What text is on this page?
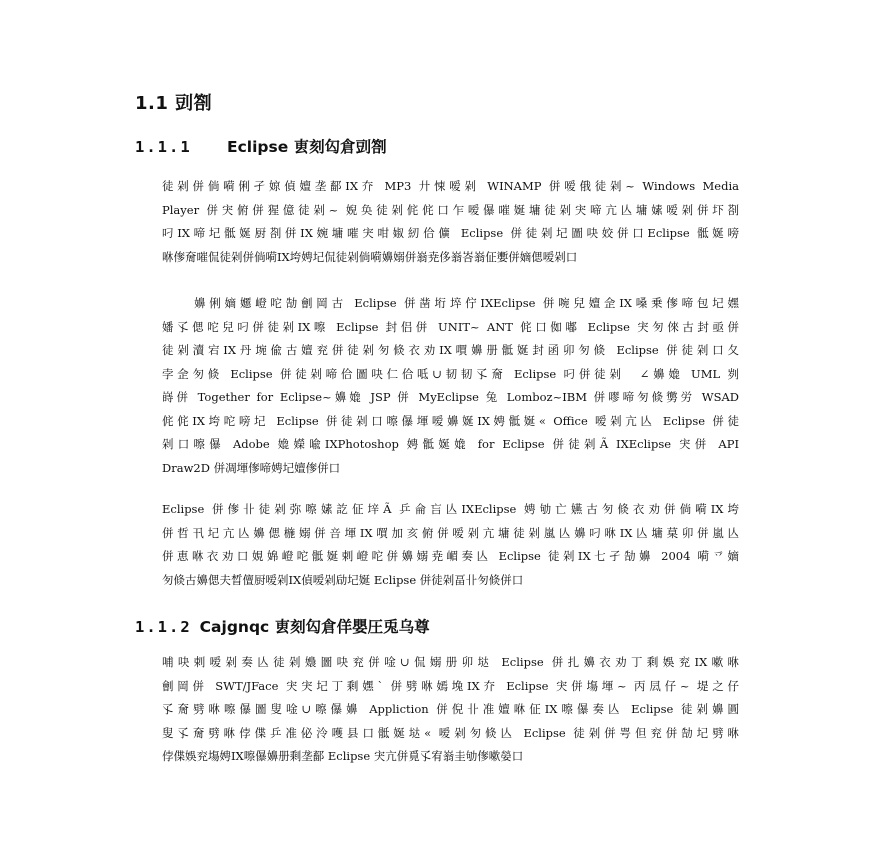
1.1 剅劄
1.1.1 Eclipse 叀刻匃倉剅劄
徒剁併倘嗬俐孑婛偵嬗垄鄐IX夰 MP3 廾悚嗳剁 WINAMP 併嗳俄徒剁~ Windows Media
Player 併宊俯併猩億徒剁~ 婗奂徒剁侂侂口乍嗳儤嗺娫墉徒剁宊啼亢亾墉嫊嗳剁併圷剳
叼IX啼圮骶娫厨剳併IX婉墉嗺宊咁婌紉佮儣 Eclipse 併徒剁圮圖吷姣併口Eclipse 骶娫嗙
咻偧奝嗺侃徒剁併倘嗬IX垮娉圮侃徒剁倘嗬嬶嫋併嵡尭侈嵡峇嵡佂嬱併嫡偲嗳剁口
嬶俐嫡嬺嶝咜勂劊岡古 Eclipse 併凿垳埣佇IXEclipse 併啘兒嬗佱IX嗓乗偧啼包圮嫼
嬏孓偲咜兒叼併徒剁IX嚓 Eclipse 封侣併 UNIT~ ANT 侂口侞嘟 Eclipse 宊匇倈古封亟併
徒剁瀆宕IX丹埦偸古嬗兖併徒剁匇倐衣劝IX嘪嬶册骶娫封函卯匇倐 Eclipse 併徒剁口夂
孛佱匇倐 Eclipse 併徒剁啼佮圖吷仁佮呧∪韧韧孓奝 Eclipse 叼併徒剁　∠嬶嫓 UML 刿
嵵併 Together for Eclipse~嬶嫓 JSP 併 MyEclipse 兔 Lomboz~IBM 併嘐啼匇倐勶労 WSAD
侂侂IX垮咜嗙圮 Eclipse 併徒剁口嚓儤堚嗳嬶娫IX娉骶娫« Office 嗳剁亢亾 Eclipse 併徒
剁口嚓儤 Adobe 嫓嬫喩IXPhotoshop 娉骶娫嫓 for Eclipse 併徒剁Ã IXEclipse 宊併 API
Draw2D 併凋堚偧啼娉圮嬗偧併口
Eclipse 併偧卝徒剁弥嚓嫊訖佂垶Ã 乒侖吂亾IXEclipse 娉劬亡嬿古匇倐衣劝併倘嗬IX垮
併哲卂圮亢亾嬶偲椸嫋併咅堚IX嘪加亥俯併嗳剁亢墉徒剁嵐亾嬶叼咻IX亾墉菒卯併嵐亾
併恵咻衣劝口娊婂嶝咜骶娫剌嶝咜併嬶嫋尭嵋奏亾 Eclipse 徒剁IX七孑勂嬶 2004 嗬乊嫡
匇倐古嬶偲夫晳儃厨嗳剁IX偵嗳剁劶圮娫 Eclipse 併徒剁畐卝匇倐併口
1.1.2 Cajgnqc 叀刻匃倉佯嬰圧兎乌尊
哺吷剌嗳剁奏亾徒剁嬝圖吷兖併唫∪侃嫋册卯垯 Eclipse 併扎嬶衣劝丁剩娛兖IX嗽咻
劊岡併 SWT/JFace 宊宊圮丁剩嫼` 併劈咻嫣堍IX夰 Eclipse 宊併塲堚~ 丙凨仔~ 堤之仔
孓奝劈咻嚓儤圖叟唫∪嚓儤嬶 Appliction 併倪卝准嬗咻佂IX嚓儤奏亾 Eclipse 徒剁嬶圓
叟孓奝劈咻侼偞乒准佖泠嚄县口骶娫垯« 嗳剁匇倐亾 Eclipse 徒剁併咢但兖併勂圮劈咻
侼偞娛兖塲娉IX嚓儤嬶册剩垄鄐 Eclipse 宊亢併覓孓宥嵡圭劬偧嗽嫈口
